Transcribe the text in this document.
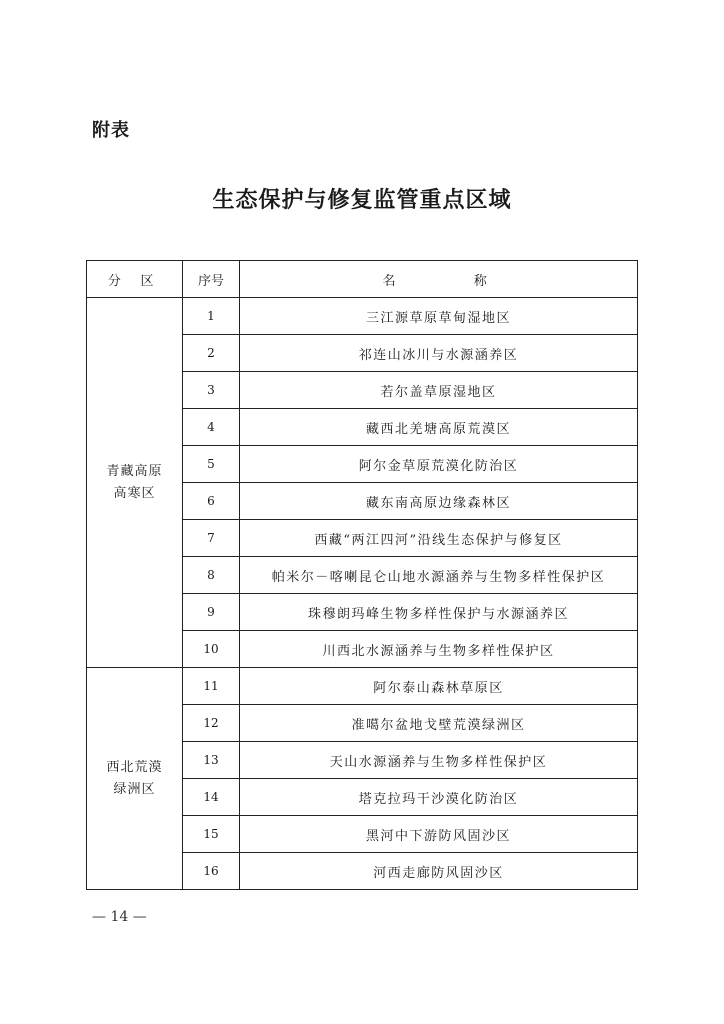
附表
生态保护与修复监管重点区域
分 区	序号	名 称
青藏高原高寒区	1	三江源草原草甸湿地区
	2	祁连山冰川与水源涵养区
	3	若尔盖草原湿地区
	4	藏西北羌塘高原荒漠区
	5	阿尔金草原荒漠化防治区
	6	藏东南高原边缘森林区
	7	西藏“两江四河”沿线生态保护与修复区
	8	帕米尔－喀喇昆仑山地水源涵养与生物多样性保护区
	9	珠穆朗玛峰生物多样性保护与水源涵养区
	10	川西北水源涵养与生物多样性保护区
西北荒漠绿洲区	11	阿尔泰山森林草原区
	12	准噶尔盆地戈壁荒漠绿洲区
	13	天山水源涵养与生物多样性保护区
	14	塔克拉玛干沙漠化防治区
	15	黑河中下游防风固沙区
	16	河西走廊防风固沙区
— 14 —
